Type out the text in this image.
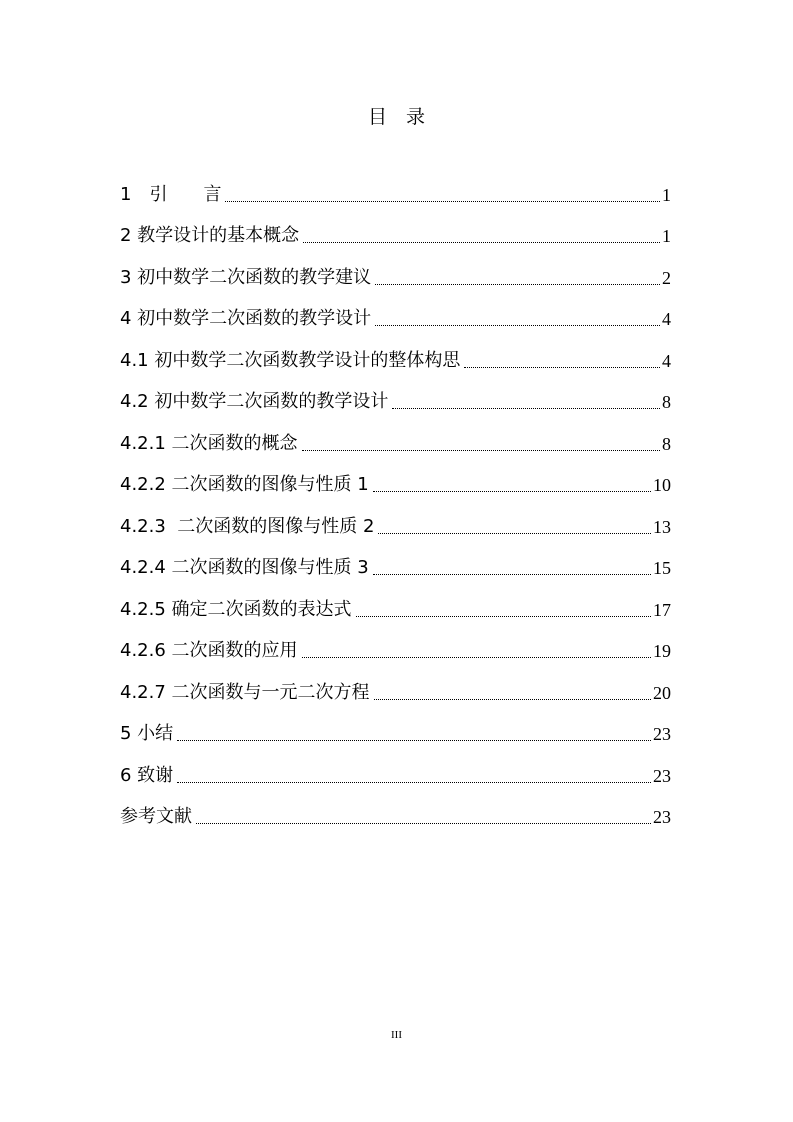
目　录
1　引　　言	1
2 教学设计的基本概念	1
3 初中数学二次函数的教学建议	2
4 初中数学二次函数的教学设计	4
4.1 初中数学二次函数教学设计的整体构思	4
4.2 初中数学二次函数的教学设计	8
4.2.1 二次函数的概念	8
4.2.2 二次函数的图像与性质 1	10
4.2.3  二次函数的图像与性质 2	13
4.2.4 二次函数的图像与性质 3	15
4.2.5 确定二次函数的表达式	17
4.2.6 二次函数的应用	19
4.2.7 二次函数与一元二次方程	20
5 小结	23
6 致谢	23
参考文献	23
III
